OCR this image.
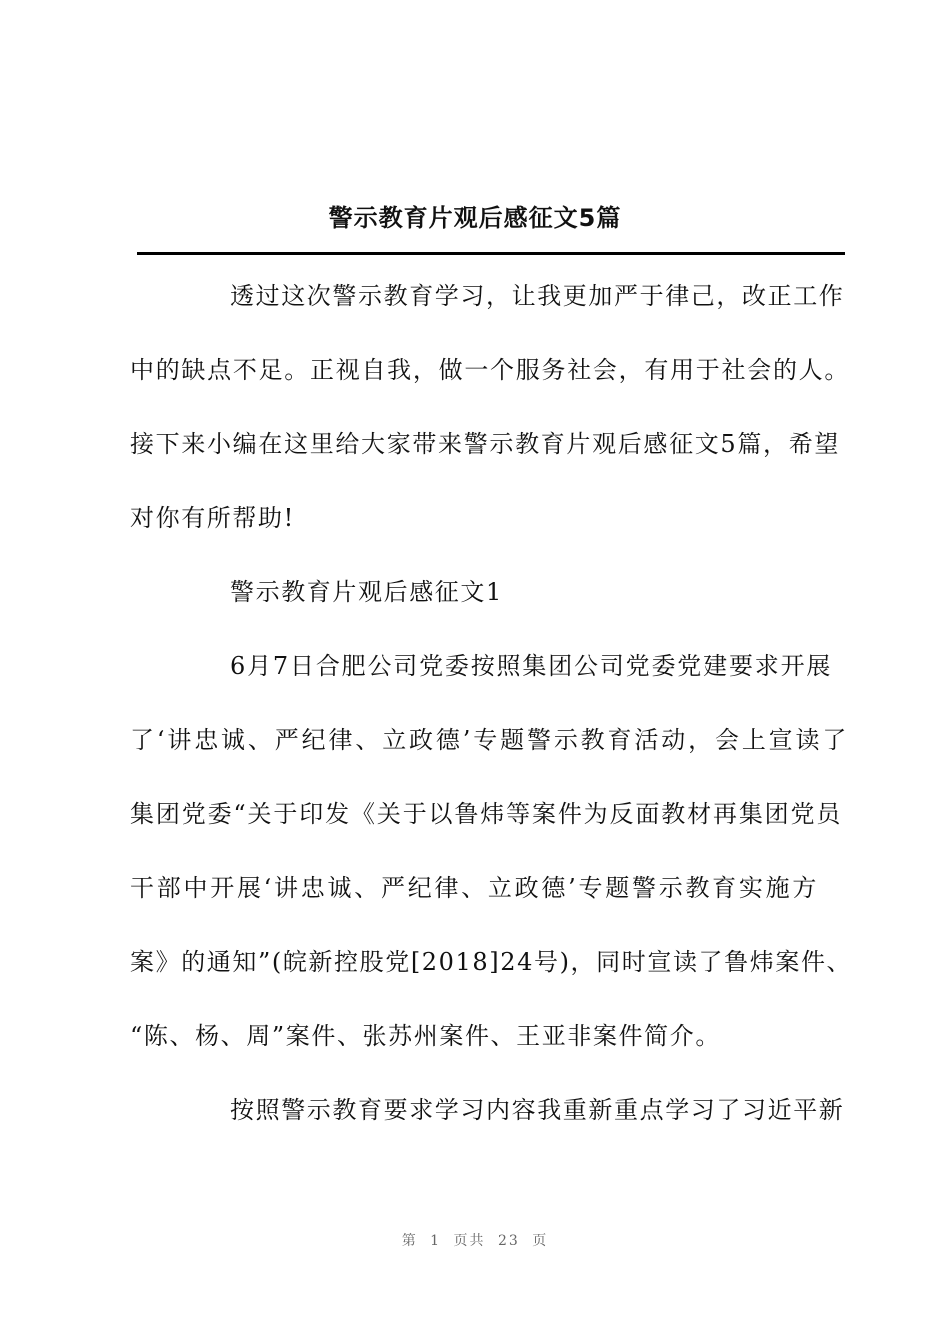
警示教育片观后感征文5篇
透过这次警示教育学习，让我更加严于律己，改正工作
中的缺点不足。正视自我，做一个服务社会，有用于社会的人。
接下来小编在这里给大家带来警示教育片观后感征文5篇，希望
对你有所帮助!
警示教育片观后感征文1
6月7日合肥公司党委按照集团公司党委党建要求开展
了‘讲忠诚、严纪律、立政德’专题警示教育活动，会上宣读了
集团党委“关于印发《关于以鲁炜等案件为反面教材再集团党员
干部中开展‘讲忠诚、严纪律、立政德’专题警示教育实施方
案》的通知”(皖新控股党[2018]24号)，同时宣读了鲁炜案件、
“陈、杨、周”案件、张苏州案件、王亚非案件简介。
按照警示教育要求学习内容我重新重点学习了习近平新
第 1 页共 23 页
